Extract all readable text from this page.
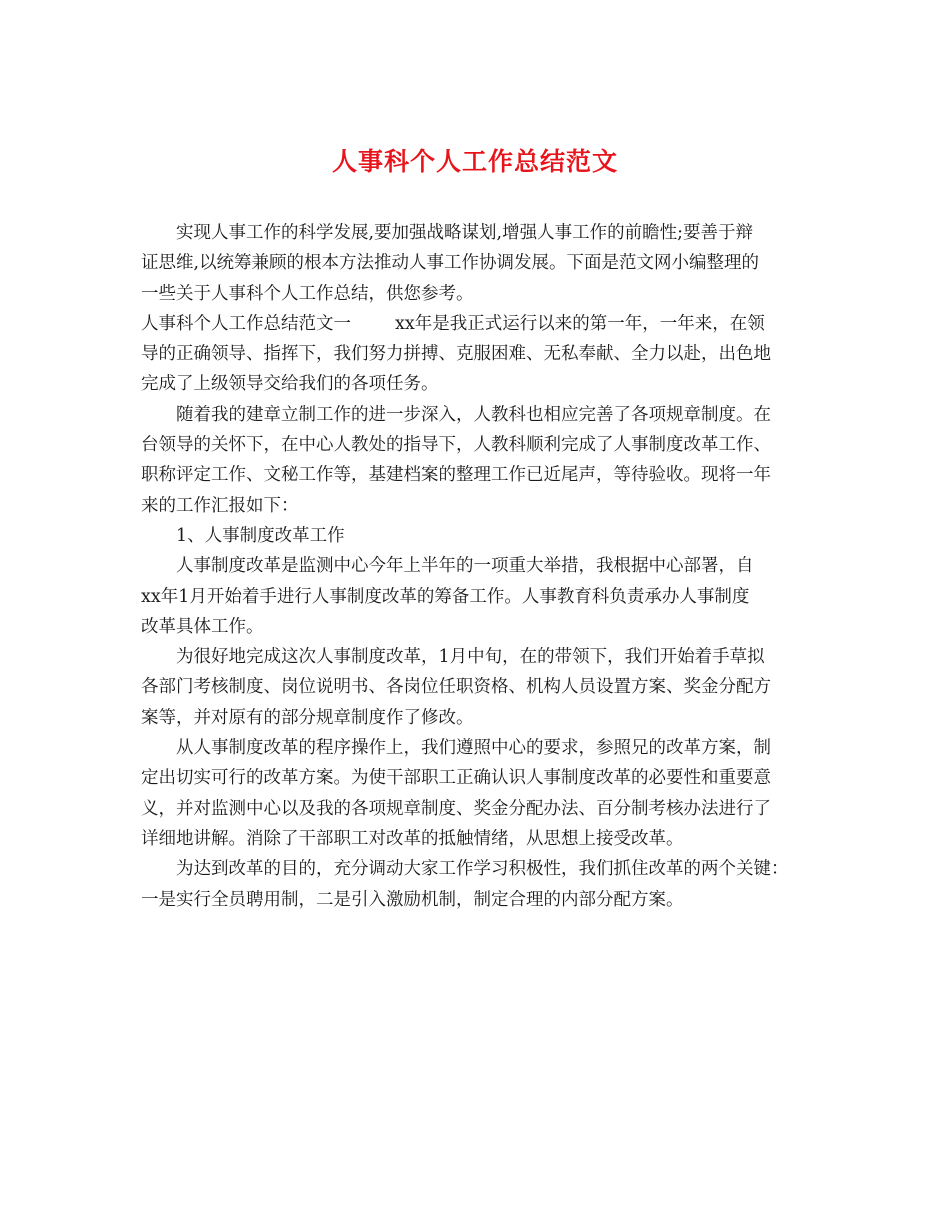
人事科个人工作总结范文
实现人事工作的科学发展,要加强战略谋划,增强人事工作的前瞻性;要善于辩
证思维,以统筹兼顾的根本方法推动人事工作协调发展。下面是范文网小编整理的
一些关于人事科个人工作总结，供您参考。
人事科个人工作总结范文一	xx年是我正式运行以来的第一年，一年来，在领
导的正确领导、指挥下，我们努力拼搏、克服困难、无私奉献、全力以赴，出色地
完成了上级领导交给我们的各项任务。
随着我的建章立制工作的进一步深入，人教科也相应完善了各项规章制度。在
台领导的关怀下，在中心人教处的指导下，人教科顺利完成了人事制度改革工作、
职称评定工作、文秘工作等，基建档案的整理工作已近尾声，等待验收。现将一年
来的工作汇报如下：
1、人事制度改革工作
人事制度改革是监测中心今年上半年的一项重大举措，我根据中心部署，自
xx年1月开始着手进行人事制度改革的筹备工作。人事教育科负责承办人事制度
改革具体工作。
为很好地完成这次人事制度改革，1月中旬，在的带领下，我们开始着手草拟
各部门考核制度、岗位说明书、各岗位任职资格、机构人员设置方案、奖金分配方
案等，并对原有的部分规章制度作了修改。
从人事制度改革的程序操作上，我们遵照中心的要求，参照兄的改革方案，制
定出切实可行的改革方案。为使干部职工正确认识人事制度改革的必要性和重要意
义，并对监测中心以及我的各项规章制度、奖金分配办法、百分制考核办法进行了
详细地讲解。消除了干部职工对改革的抵触情绪，从思想上接受改革。
为达到改革的目的，充分调动大家工作学习积极性，我们抓住改革的两个关键：
一是实行全员聘用制，二是引入激励机制，制定合理的内部分配方案。
